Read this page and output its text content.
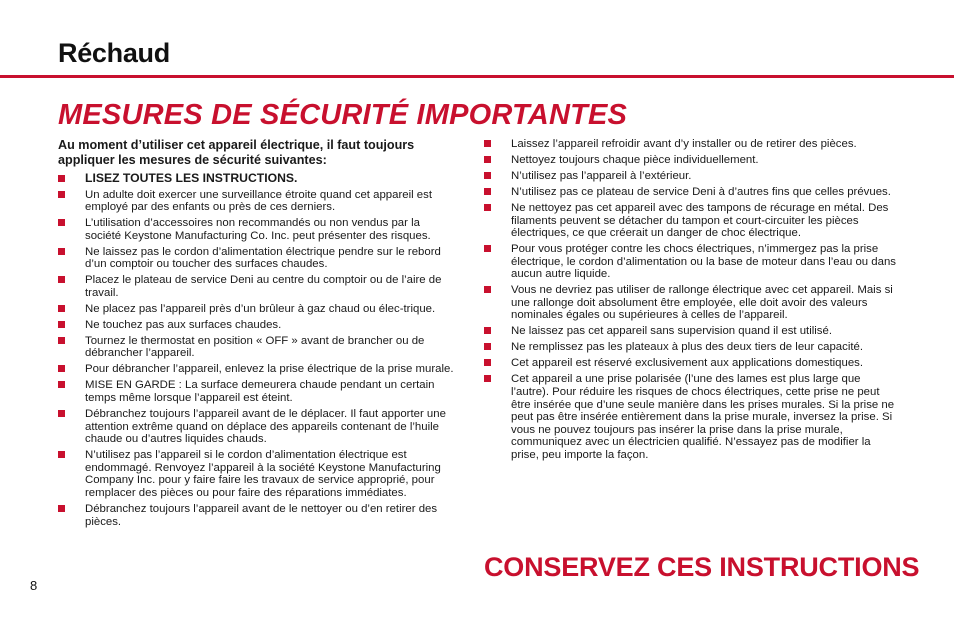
Réchaud
MESURES DE SÉCURITÉ IMPORTANTES

Au moment d’utiliser cet appareil électrique, il faut toujours appliquer les mesures de sécurité suivantes:

LISEZ TOUTES LES INSTRUCTIONS.
Un adulte doit exercer une surveillance étroite quand cet appareil est employé par des enfants ou près de ces derniers.
L’utilisation d’accessoires non recommandés ou non vendus par la société Keystone Manufacturing Co. Inc. peut présenter des risques.
Ne laissez pas le cordon d’alimentation électrique pendre sur le rebord d’un comptoir ou toucher des surfaces chaudes.
Placez le plateau de service Deni au centre du comptoir ou de l’aire de travail.
Ne placez pas l’appareil près d’un brûleur à gaz chaud ou élec-trique.
Ne touchez pas aux surfaces chaudes.
Tournez le thermostat en position « OFF » avant de brancher ou de débrancher l’appareil.
Pour débrancher l’appareil, enlevez la prise électrique de la prise murale.
MISE EN GARDE : La surface demeurera chaude pendant un certain temps même lorsque l’appareil est éteint.
Débranchez toujours l’appareil avant de le déplacer. Il faut apporter une attention extrême quand on déplace des appareils contenant de l’huile chaude ou d’autres liquides chauds.
N’utilisez pas l’appareil si le cordon d’alimentation électrique est endommagé. Renvoyez l’appareil à la société Keystone Manufacturing Company Inc. pour y faire faire les travaux de service approprié, pour remplacer des pièces ou pour faire des réparations immédiates.
Débranchez toujours l’appareil avant de le nettoyer ou d’en retirer des pièces.
Laissez l’appareil refroidir avant d’y installer ou de retirer des pièces.
Nettoyez toujours chaque pièce individuellement.
N’utilisez pas l’appareil à l’extérieur.
N’utilisez pas ce plateau de service Deni à d’autres fins que celles prévues.
Ne nettoyez pas cet appareil avec des tampons de récurage en métal. Des filaments peuvent se détacher du tampon et court-circuiter les pièces électriques, ce que créerait un danger de choc électrique.
Pour vous protéger contre les chocs électriques, n’immergez pas la prise électrique, le cordon d’alimentation ou la base de moteur dans l’eau ou dans aucun autre liquide.
Vous ne devriez pas utiliser de rallonge électrique avec cet appareil. Mais si une rallonge doit absolument être employée, elle doit avoir des valeurs nominales égales ou supérieures à celles de l’appareil.
Ne laissez pas cet appareil sans supervision quand il est utilisé.
Ne remplissez pas les plateaux à plus des deux tiers de leur capacité.
Cet appareil est réservé exclusivement aux applications domestiques.
Cet appareil a une prise polarisée (l’une des lames est plus large que l’autre). Pour réduire les risques de chocs électriques, cette prise ne peut être insérée que d’une seule manière dans les prises murales. Si la prise ne peut pas être insérée entièrement dans la prise murale, inversez la prise. Si vous ne pouvez toujours pas insérer la prise dans la prise murale, communiquez avec un électricien qualifié. N’essayez pas de modifier la prise, peu importe la façon.
CONSERVEZ CES INSTRUCTIONS
8
